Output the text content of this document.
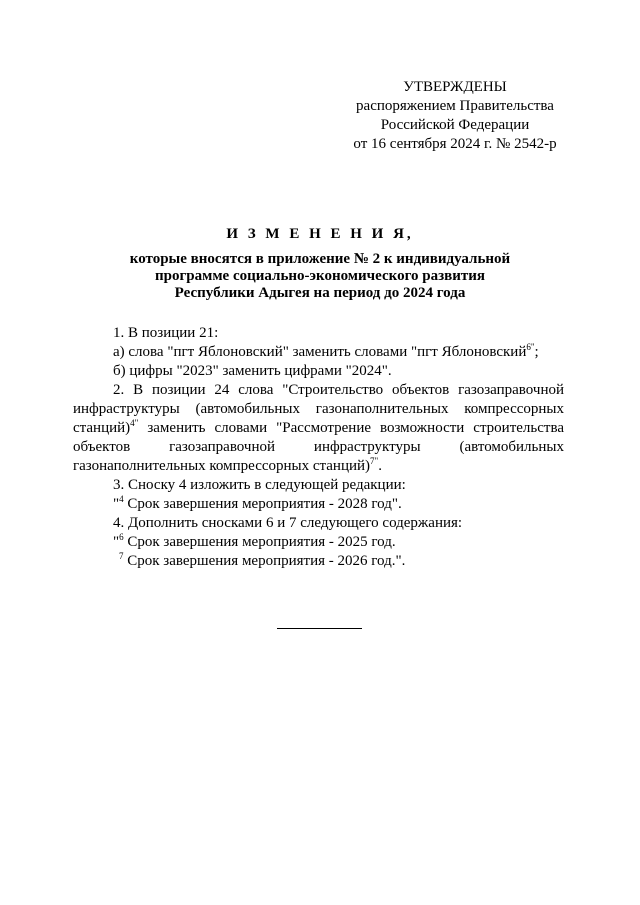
УТВЕРЖДЕНЫ
распоряжением Правительства
Российской Федерации
от 16 сентября 2024 г. № 2542-р
И З М Е Н Е Н И Я,
которые вносятся в приложение № 2 к индивидуальной
программе социально-экономического развития
Республики Адыгея на период до 2024 года
1. В позиции 21:
а) слова "пгт Яблоновский" заменить словами "пгт Яблоновский$^{6"}$;
б) цифры "2023" заменить цифрами "2024".
2. В позиции 24 слова "Строительство объектов газозаправочной инфраструктуры (автомобильных газонаполнительных компрессорных станций)$^{4"}$ заменить словами "Рассмотрение возможности строительства объектов газозаправочной инфраструктуры (автомобильных газонаполнительных компрессорных станций)$^{7"}$.
3. Сноску 4 изложить в следующей редакции:
"$^4$ Срок завершения мероприятия - 2028 год".
4. Дополнить сносками 6 и 7 следующего содержания:
"$^6$ Срок завершения мероприятия - 2025 год.
$^7$ Срок завершения мероприятия - 2026 год.".
